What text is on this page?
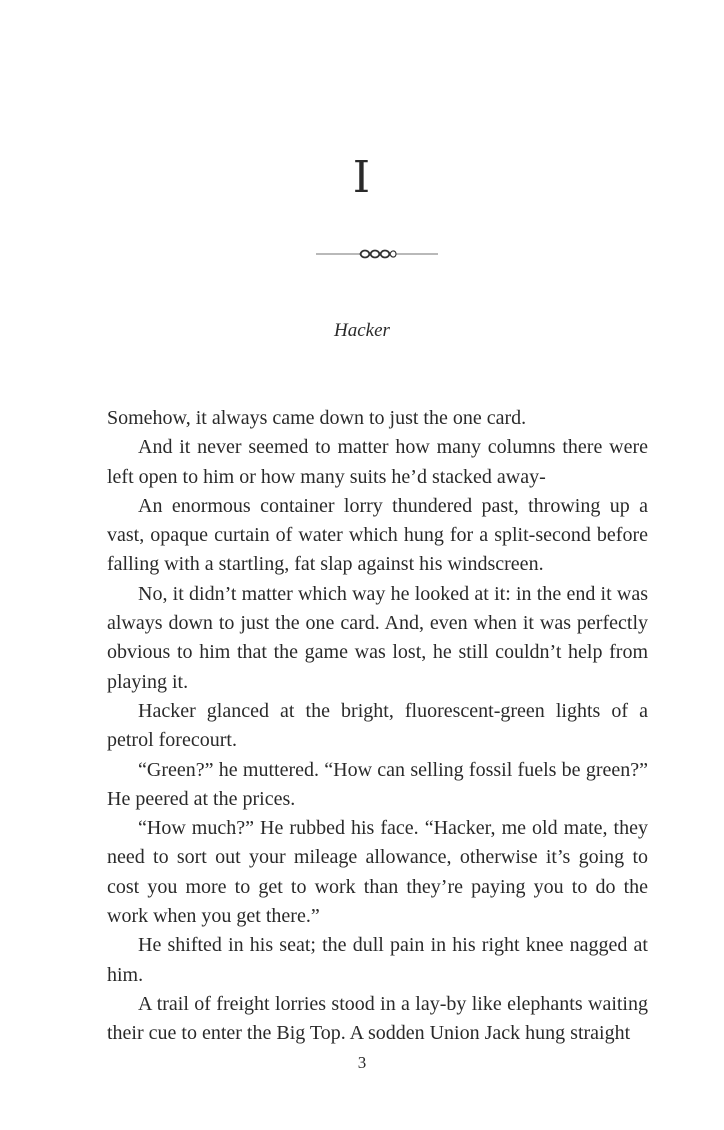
I
Hacker

Somehow, it always came down to just the one card.

And it never seemed to matter how many columns there were left open to him or how many suits he’d stacked away-

An enormous container lorry thundered past, throwing up a vast, opaque curtain of water which hung for a split-second before falling with a startling, fat slap against his windscreen.

No, it didn’t matter which way he looked at it: in the end it was always down to just the one card. And, even when it was perfectly obvious to him that the game was lost, he still couldn’t help from playing it.

Hacker glanced at the bright, fluorescent-green lights of a petrol forecourt.

“Green?” he muttered. “How can selling fossil fuels be green?” He peered at the prices.

“How much?” He rubbed his face. “Hacker, me old mate, they need to sort out your mileage allowance, otherwise it’s going to cost you more to get to work than they’re paying you to do the work when you get there.”

He shifted in his seat; the dull pain in his right knee nagged at him.

A trail of freight lorries stood in a lay-by like elephants waiting their cue to enter the Big Top. A sodden Union Jack hung straight

3
